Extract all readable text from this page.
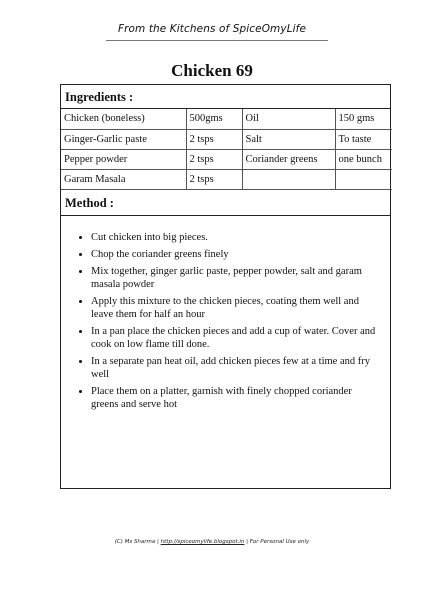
From the Kitchens of SpiceOmyLife
Chicken 69
Ingredients :
Chicken (boneless)	500gms	Oil	150 gms
Ginger-Garlic paste	2 tsps	Salt	To taste
Pepper powder	2 tsps	Coriander greens	one bunch
Garam Masala	2 tsps		
Method :
• Cut chicken into big pieces.
• Chop the coriander greens finely
• Mix together, ginger garlic paste, pepper powder, salt and garam masala powder
• Apply this mixture to the chicken pieces, coating them well and leave them for half an hour
• In a pan place the chicken pieces and add a cup of water. Cover and cook on low flame till done.
• In a separate pan heat oil, add chicken pieces few at a time and fry well
• Place them on a platter, garnish with finely chopped coriander greens and serve hot
(C) Ms Sharma | http://spiceomylife.blogspot.in | For Personal Use only
